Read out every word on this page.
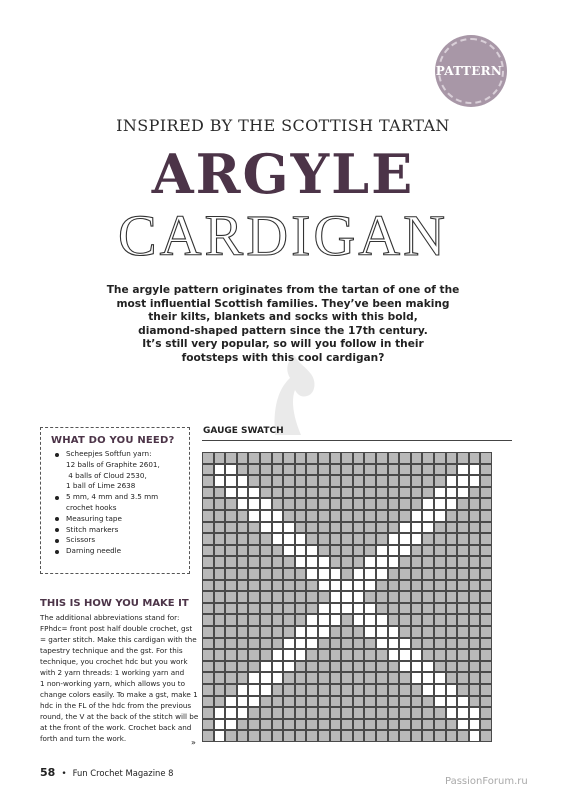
PATTERN
INSPIRED BY THE SCOTTISH TARTAN
ARGYLE
CARDIGAN

The argyle pattern originates from the tartan of one of the

most influential Scottish families. They’ve been making

their kilts, blankets and socks with this bold,

diamond-shaped pattern since the 17th century.

It’s still very popular, so will you follow in their

footsteps with this cool cardigan?

WHAT DO YOU NEED?
Scheepjes Softfun yarn:
12 balls of Graphite 2601,
4 balls of Cloud 2530,
1 ball of Lime 2638
5 mm, 4 mm and 3.5 mm
crochet hooks
Measuring tape
Stitch markers
Scissors
Darning needle
THIS IS HOW YOU MAKE IT

The additional abbreviations stand for:

FPhdc= front post half double crochet, gst

= garter stitch. Make this cardigan with the

tapestry technique and the gst. For this

technique, you crochet hdc but you work

with 2 yarn threads: 1 working yarn and

1 non-working yarn, which allows you to

change colors easily. To make a gst, make 1

hdc in the FL of the hdc from the previous

round, the V at the back of the stitch will be

at the front of the work. Crochet back and

forth and turn the work.

GAUGE SWATCH
»
58 • Fun Crochet Magazine 8
PassionForum.ru
